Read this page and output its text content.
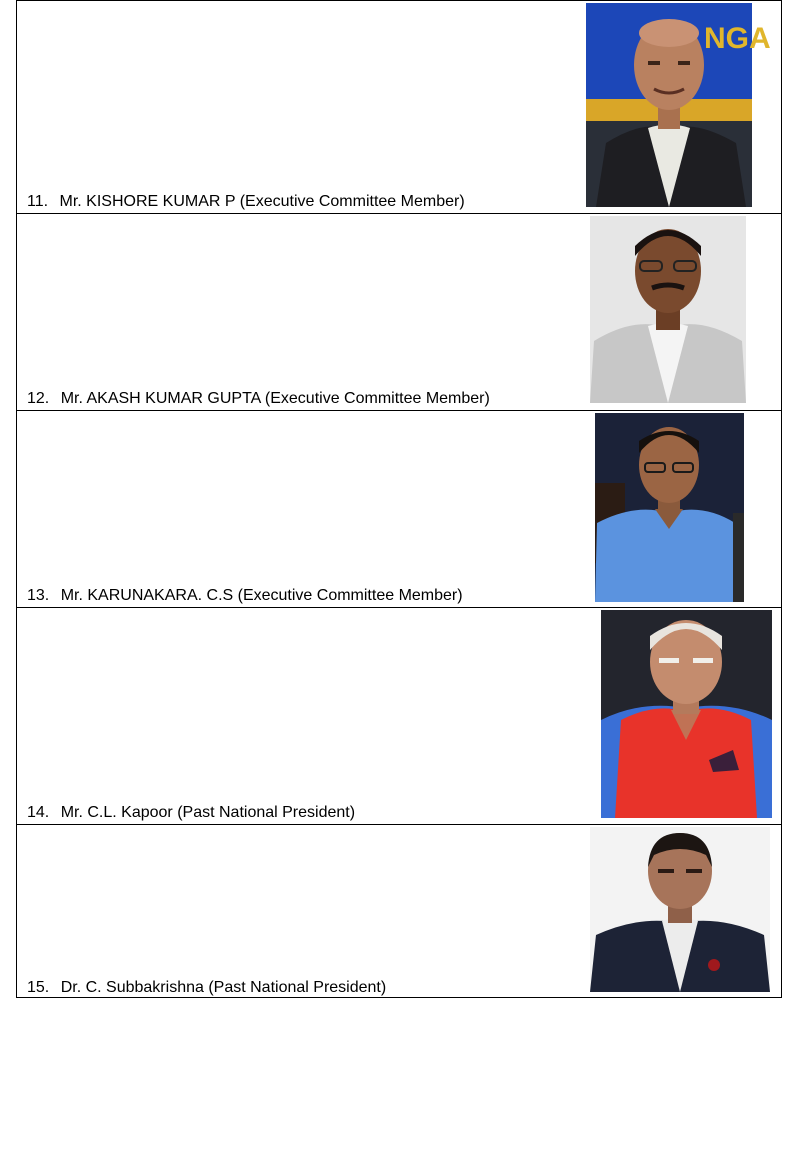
NGA
11. Mr. KISHORE KUMAR P (Executive Committee Member)
12. Mr. AKASH KUMAR GUPTA (Executive Committee Member)
13. Mr. KARUNAKARA. C.S (Executive Committee Member)
14. Mr. C.L. Kapoor (Past National President)
15. Dr. C. Subbakrishna (Past National President)
